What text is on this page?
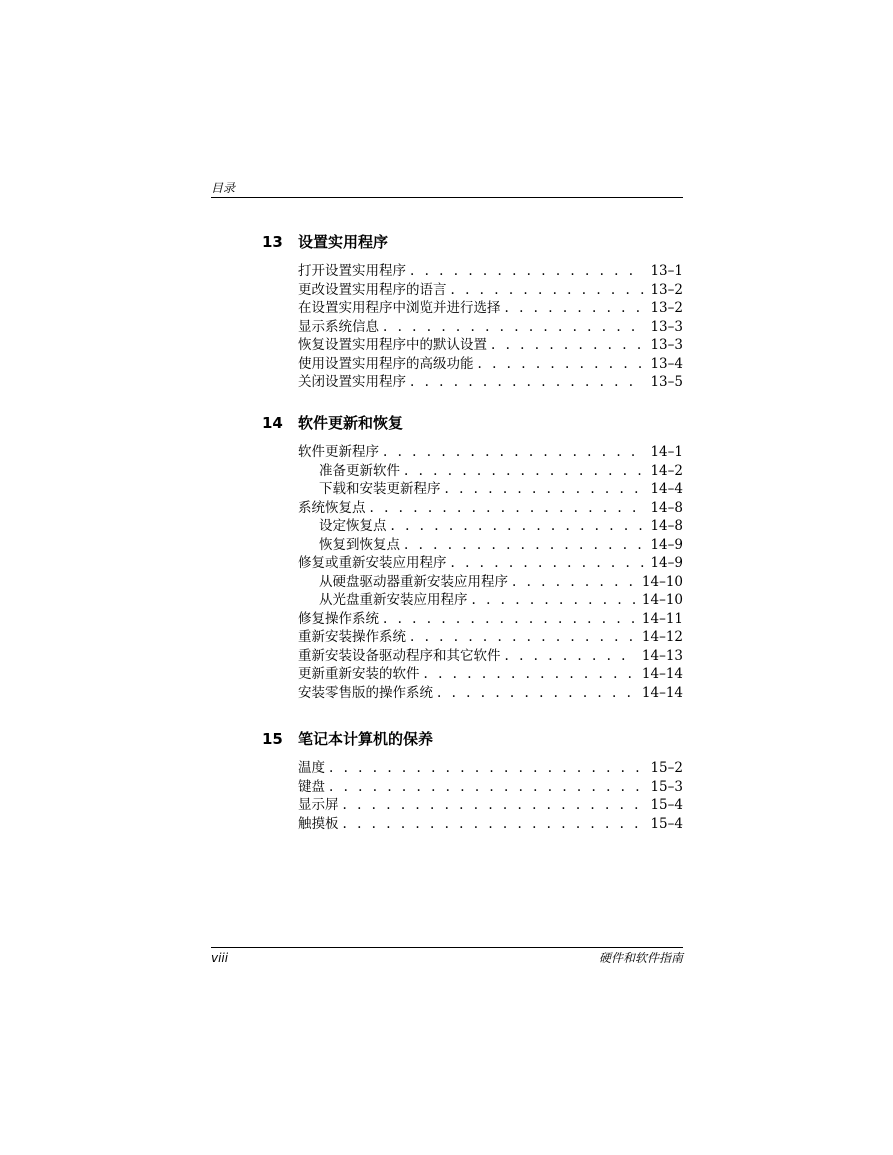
目录
13 设置实用程序
打开设置实用程序 . . .	13–1
更改设置实用程序的语言 . . .	13–2
在设置实用程序中浏览并进行选择 . . .	13–2
显示系统信息 . . .	13–3
恢复设置实用程序中的默认设置 . . .	13–3
使用设置实用程序的高级功能 . . .	13–4
关闭设置实用程序 . . .	13–5
14 软件更新和恢复
软件更新程序 . . .	14–1
准备更新软件 . . .	14–2
下载和安装更新程序 . . .	14–4
系统恢复点 . . .	14–8
设定恢复点 . . .	14–8
恢复到恢复点 . . .	14–9
修复或重新安装应用程序 . . .	14–9
从硬盘驱动器重新安装应用程序 . . .	14–10
从光盘重新安装应用程序 . . .	14–10
修复操作系统 . . .	14–11
重新安装操作系统 . . .	14–12
重新安装设备驱动程序和其它软件 . . .	14–13
更新重新安装的软件 . . .	14–14
安装零售版的操作系统 . . .	14–14
15 笔记本计算机的保养
温度 . . .	15–2
键盘 . . .	15–3
显示屏 . . .	15–4
触摸板 . . .	15–4
viii	硬件和软件指南
